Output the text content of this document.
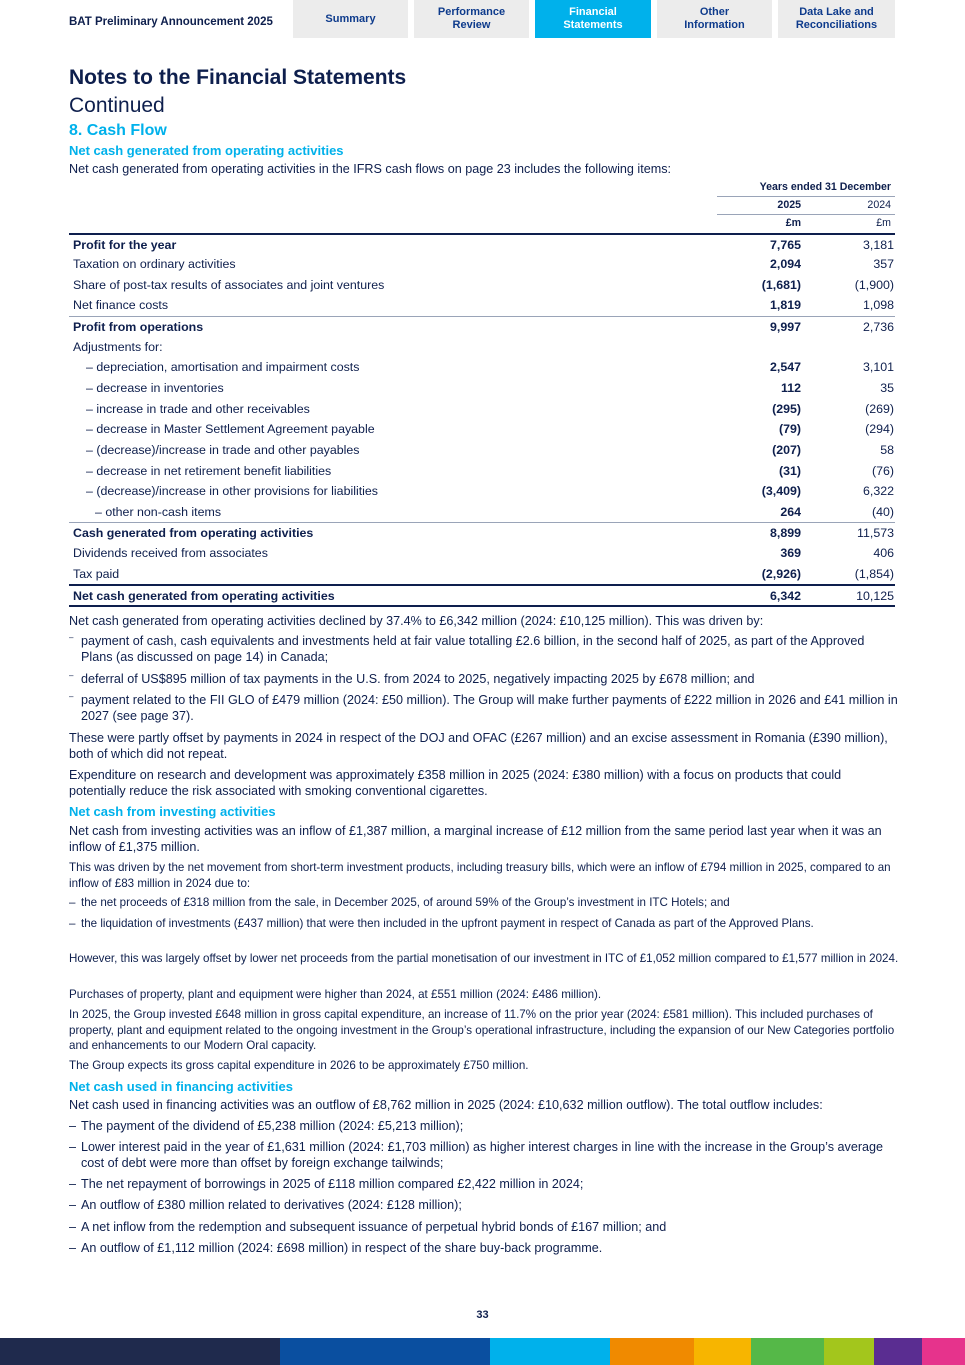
BAT Preliminary Announcement 2025	Summary
Performance
Review
Financial
Statements
Other
Information
Data Lake and
Reconciliations
Notes to the Financial Statements
Continued
8. Cash Flow
Net cash generated from operating activities
Net cash generated from operating activities in the IFRS cash flows on page 23 includes the following items:
Years ended 31 December
2025	2024
£m	£m
Profit for the year	7,765	3,181
Taxation on ordinary activities	2,094	357
Share of post-tax results of associates and joint ventures	(1,681)	(1,900)
Net finance costs	1,819	1,098
Profit from operations	9,997	2,736
Adjustments for:
– depreciation, amortisation and impairment costs	2,547	3,101
– decrease in inventories	112	35
– increase in trade and other receivables	(295)	(269)
– decrease in Master Settlement Agreement payable	(79)	(294)
– (decrease)/increase in trade and other payables	(207)	58
– decrease in net retirement benefit liabilities	(31)	(76)
– (decrease)/increase in other provisions for liabilities	(3,409)	6,322
– other non-cash items	264	(40)
Cash generated from operating activities	8,899	11,573
Dividends received from associates	369	406
Tax paid	(2,926)	(1,854)
Net cash generated from operating activities	6,342	10,125
Net cash generated from operating activities declined by 37.4% to £6,342 million (2024: £10,125 million). This was driven by:
– payment of cash, cash equivalents and investments held at fair value totalling £2.6 billion, in the second half of 2025, as part of the Approved Plans (as discussed on page 14) in Canada;
– deferral of US$895 million of tax payments in the U.S. from 2024 to 2025, negatively impacting 2025 by £678 million; and
– payment related to the FII GLO of £479 million (2024: £50 million). The Group will make further payments of £222 million in 2026 and £41 million in 2027 (see page 37).
These were partly offset by payments in 2024 in respect of the DOJ and OFAC (£267 million) and an excise assessment in Romania (£390 million), both of which did not repeat.
Expenditure on research and development was approximately £358 million in 2025 (2024: £380 million) with a focus on products that could potentially reduce the risk associated with smoking conventional cigarettes.
Net cash from investing activities
Net cash from investing activities was an inflow of £1,387 million, a marginal increase of £12 million from the same period last year when it was an inflow of £1,375 million.
This was driven by the net movement from short-term investment products, including treasury bills, which were an inflow of £794 million in 2025, compared to an inflow of £83 million in 2024 due to:
– the net proceeds of £318 million from the sale, in December 2025, of around 59% of the Group’s investment in ITC Hotels; and
– the liquidation of investments (£437 million) that were then included in the upfront payment in respect of Canada as part of the Approved Plans.
However, this was largely offset by lower net proceeds from the partial monetisation of our investment in ITC of £1,052 million compared to £1,577 million in 2024.
Purchases of property, plant and equipment were higher than 2024, at £551 million (2024: £486 million).
In 2025, the Group invested £648 million in gross capital expenditure, an increase of 11.7% on the prior year (2024: £581 million). This included purchases of property, plant and equipment related to the ongoing investment in the Group’s operational infrastructure, including the expansion of our New Categories portfolio and enhancements to our Modern Oral capacity.
The Group expects its gross capital expenditure in 2026 to be approximately £750 million.
Net cash used in financing activities
Net cash used in financing activities was an outflow of £8,762 million in 2025 (2024: £10,632 million outflow). The total outflow includes:
– The payment of the dividend of £5,238 million (2024: £5,213 million);
– Lower interest paid in the year of £1,631 million (2024: £1,703 million) as higher interest charges in line with the increase in the Group’s average cost of debt were more than offset by foreign exchange tailwinds;
– The net repayment of borrowings in 2025 of £118 million compared £2,422 million in 2024;
– An outflow of £380 million related to derivatives (2024: £128 million);
– A net inflow from the redemption and subsequent issuance of perpetual hybrid bonds of £167 million; and
– An outflow of £1,112 million (2024: £698 million) in respect of the share buy-back programme.
33
